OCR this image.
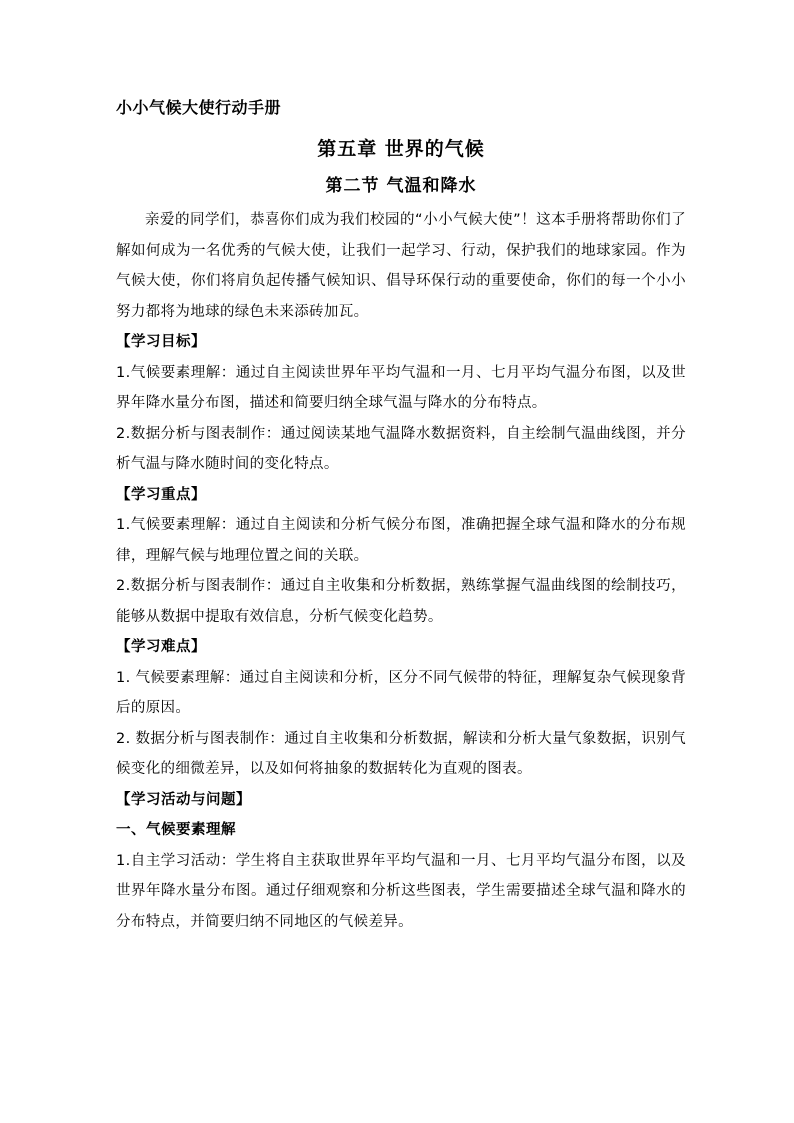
小小气候大使行动手册

第五章 世界的气候

第二节 气温和降水

亲爱的同学们，恭喜你们成为我们校园的“小小气候大使”！这本手册将帮助你们了解如何成为一名优秀的气候大使，让我们一起学习、行动，保护我们的地球家园。作为气候大使，你们将肩负起传播气候知识、倡导环保行动的重要使命，你们的每一个小小努力都将为地球的绿色未来添砖加瓦。

【学习目标】

1.气候要素理解：通过自主阅读世界年平均气温和一月、七月平均气温分布图，以及世界年降水量分布图，描述和简要归纳全球气温与降水的分布特点。

2.数据分析与图表制作：通过阅读某地气温降水数据资料，自主绘制气温曲线图，并分析气温与降水随时间的变化特点。

【学习重点】

1.气候要素理解：通过自主阅读和分析气候分布图，准确把握全球气温和降水的分布规律，理解气候与地理位置之间的关联。

2.数据分析与图表制作：通过自主收集和分析数据，熟练掌握气温曲线图的绘制技巧，能够从数据中提取有效信息，分析气候变化趋势。

【学习难点】

1. 气候要素理解：通过自主阅读和分析，区分不同气候带的特征，理解复杂气候现象背后的原因。

2. 数据分析与图表制作：通过自主收集和分析数据，解读和分析大量气象数据，识别气候变化的细微差异，以及如何将抽象的数据转化为直观的图表。

【学习活动与问题】

一、气候要素理解

1.自主学习活动：学生将自主获取世界年平均气温和一月、七月平均气温分布图，以及世界年降水量分布图。通过仔细观察和分析这些图表，学生需要描述全球气温和降水的分布特点，并简要归纳不同地区的气候差异。
